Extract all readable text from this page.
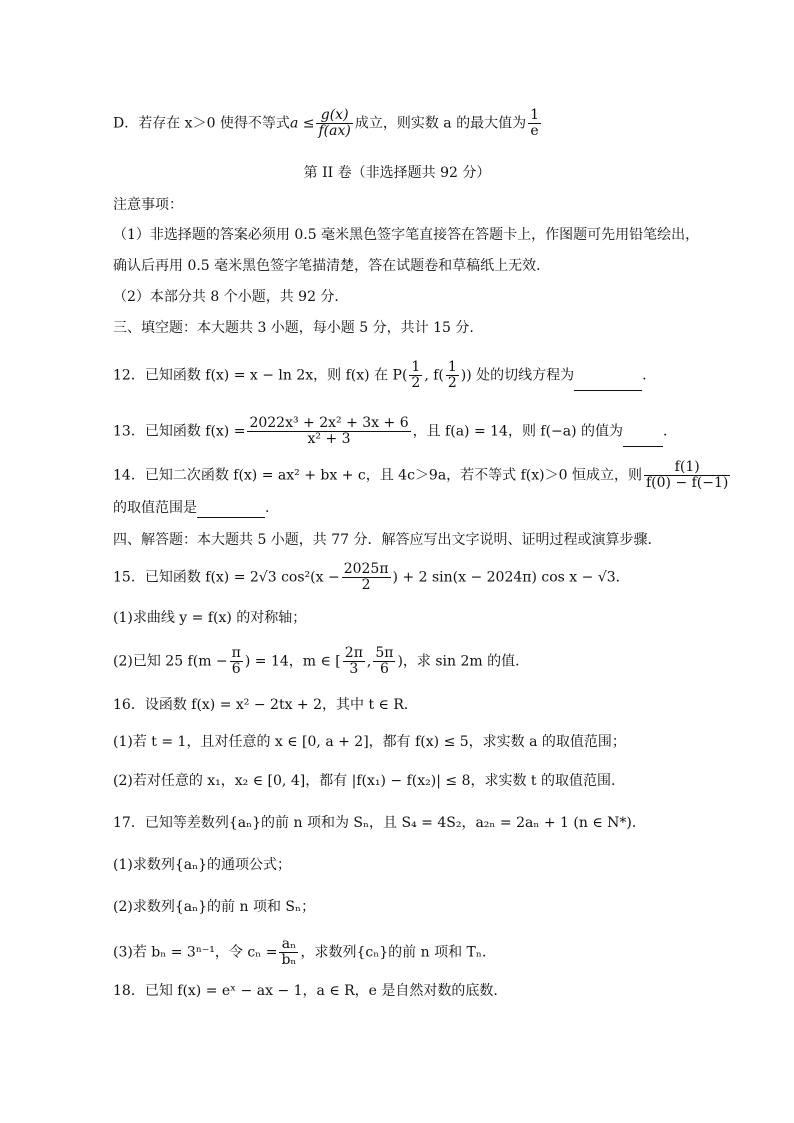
D．若存在 x＞0 使得不等式$a \le \frac{g(x)}{f(ax)}$ 成立，则实数 a 的最大值为 $\frac{1}{e}$
第 II 卷（非选择题共 92 分）
注意事项：
（1）非选择题的答案必须用 0.5 毫米黑色签字笔直接答在答题卡上，作图题可先用铅笔绘出，
确认后再用 0.5 毫米黑色签字笔描清楚，答在试题卷和草稿纸上无效．
（2）本部分共 8 个小题，共 92 分．
三、填空题：本大题共 3 小题，每小题 5 分，共计 15 分.
12．已知函数 f(x) = x − ln 2x，则 f(x) 在 $P( \frac{1}{2}$ , $f( \frac{1}{2}$ )) 处的切线方程为	.
13．已知函数 $f(x) = \frac{\text{2022x³ + 2x² + 3x + 6}}{\text{x² + 3}}$ ，且 f(a) = 14，则 f(−a) 的值为	．
14．已知二次函数 f(x) = ax² + bx + c，且 4c＞9a，若不等式 f(x)＞0 恒成立，则 $\frac{f(1)}{f(0) - f(-1)}$
的取值范围是	.
四、解答题：本大题共 5 小题，共 77 分．解答应写出文字说明、证明过程或演算步骤.
15．已知函数 f(x) = 2√3 $\cos^2(x - \frac{2025\pi}{2}$ ) + 2 sin(x − 2024π) cos x − √3．
(1)求曲线 y = f(x) 的对称轴；
(2)已知 25 $f(m - \frac{\pi}{6}$ ) = 14，m ∈ [ $\frac{2\pi}{3}$ , $\frac{5\pi}{6}$ )，求 sin 2m 的值.
16．设函数 f(x) = x² − 2tx + 2，其中 t ∈ R．
(1)若 t = 1，且对任意的 x ∈ [0, a + 2]，都有 f(x) ≤ 5，求实数 a 的取值范围；
(2)若对任意的 x₁，x₂ ∈ [0, 4]，都有 |f(x₁) − f(x₂)| ≤ 8，求实数 t 的取值范围.
17．已知等差数列{aₙ}的前 n 项和为 Sₙ，且 S₄ = 4S₂，a₂ₙ = 2aₙ + 1 (n ∈ N*)．
(1)求数列{aₙ}的通项公式；
(2)求数列{aₙ}的前 n 项和 Sₙ；
(3)若 bₙ = 3ⁿ⁻¹，令 $c_n = \frac{\text{aₙ}}{\text{bₙ}}$ ，求数列{cₙ}的前 n 项和 Tₙ．
18．已知 f(x) = eˣ − ax − 1，a ∈ R，e 是自然对数的底数.
